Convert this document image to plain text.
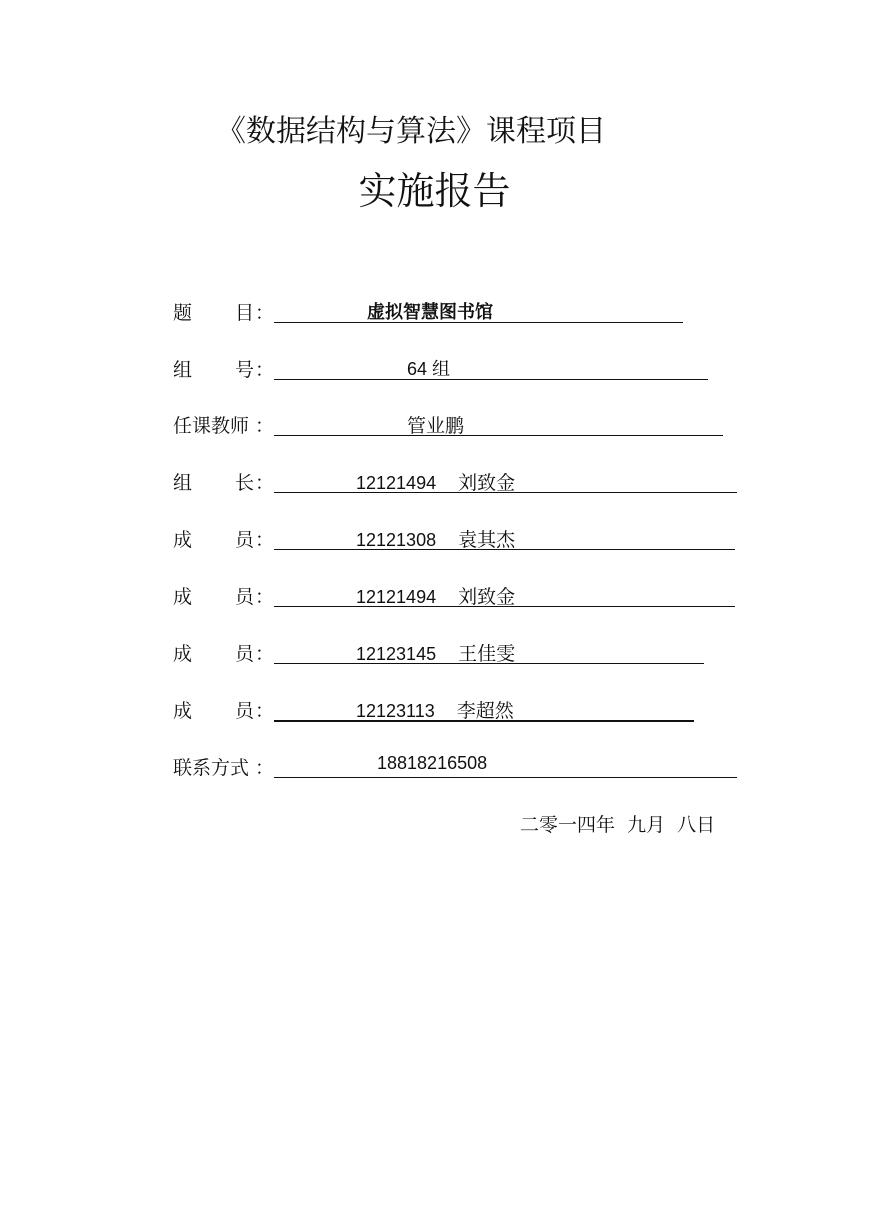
《数据结构与算法》课程项目
实施报告
题 目 ：	虚拟智慧图书馆
组 号 ：	64 组
任课教师 ：	管业鹏
组 长 ：	12121494 刘致金
成 员 ：	12121308 袁其杰
成 员 ：	12121494 刘致金
成 员 ：	12123145 王佳雯
成 员 ：	12123113 李超然
联系方式 ：	18818216508
二零一四年  九月  八日
